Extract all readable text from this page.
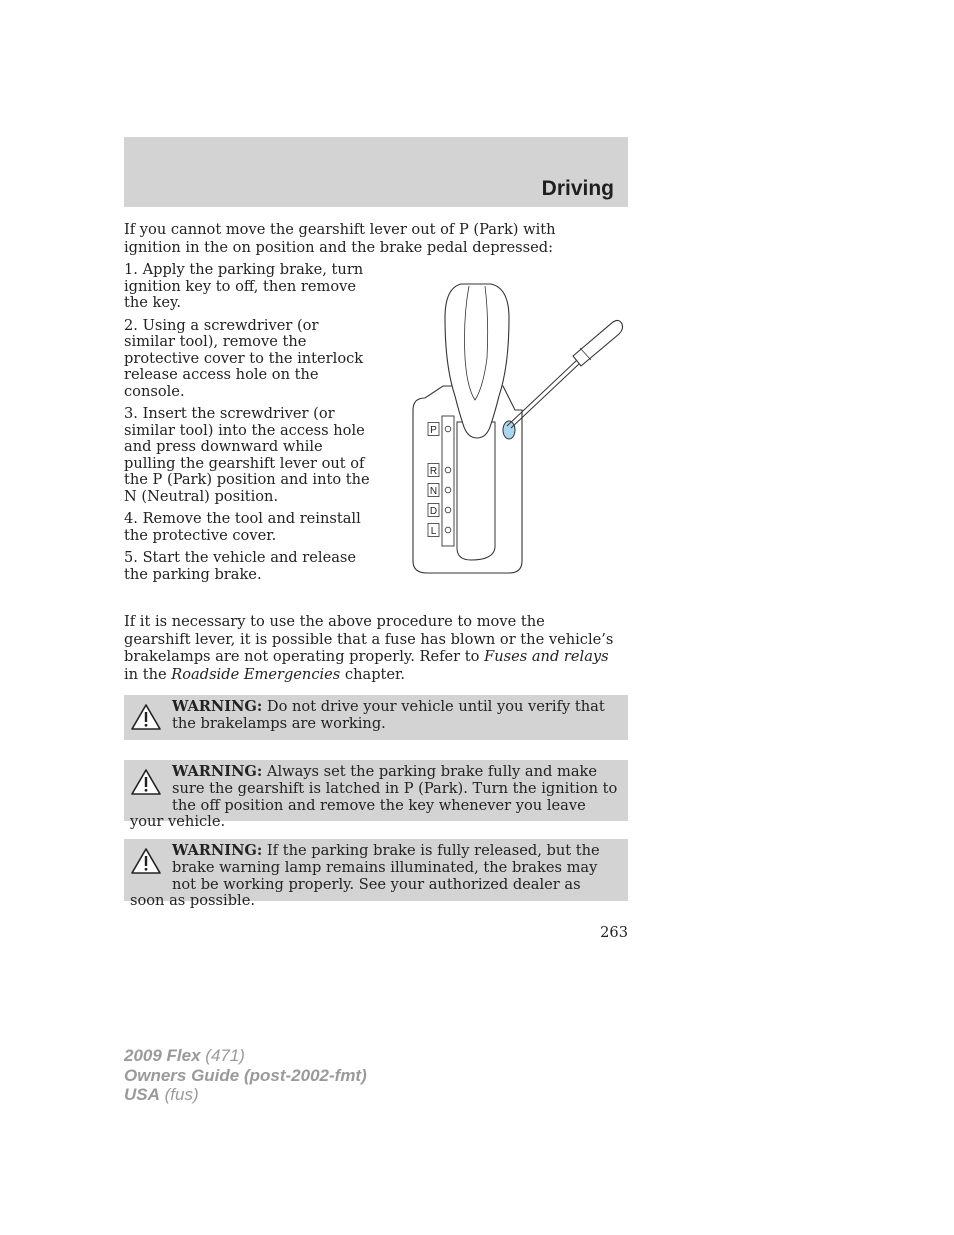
Driving

If you cannot move the gearshift lever out of P (Park) with ignition in the on position and the brake pedal depressed:

1. Apply the parking brake, turn ignition key to off, then remove the key.

2. Using a screwdriver (or similar tool), remove the protective cover to the interlock release access hole on the console.

3. Insert the screwdriver (or similar tool) into the access hole and press downward while pulling the gearshift lever out of the P (Park) position and into the N (Neutral) position.

4. Remove the tool and reinstall the protective cover.

5. Start the vehicle and release the parking brake.

P
R
N
D
L

If it is necessary to use the above procedure to move the gearshift lever, it is possible that a fuse has blown or the vehicle’s brakelamps are not operating properly. Refer to Fuses and relays in the Roadside Emergencies chapter.

WARNING: Do not drive your vehicle until you verify that the brakelamps are working.
WARNING: Always set the parking brake fully and make sure the gearshift is latched in P (Park). Turn the ignition to the off position and remove the key whenever you leave your vehicle.
WARNING: If the parking brake is fully released, but the brake warning lamp remains illuminated, the brakes may not be working properly. See your authorized dealer as soon as possible.
263
2009 Flex (471)
Owners Guide (post-2002-fmt)
USA (fus)
